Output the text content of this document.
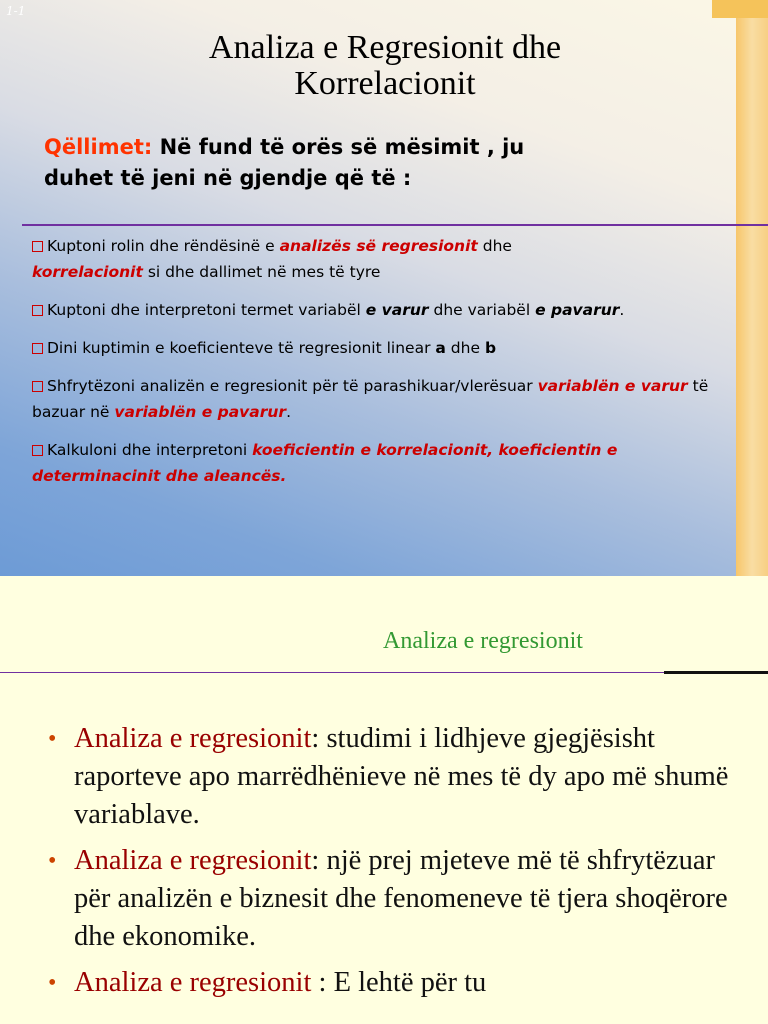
1-1
Analiza e Regresionit dhe
Korrelacionit
Qëllimet: Në fund të orës së mësimit , ju
duhet të jeni në gjendje që të :

Kuptoni rolin dhe rëndësinë e analizës së regresionit dhe
korrelacionit si dhe dallimet në mes të tyre

Kuptoni dhe interpretoni termet variabël e varur dhe variabël e pavarur.

Dini kuptimin e koeficienteve të regresionit linear a dhe b

Shfrytëzoni analizën e regresionit për të parashikuar/vlerësuar variablën e varur të bazuar në variablën e pavarur.

Kalkuloni dhe interpretoni koeficientin e korrelacionit, koeficientin e determinacinit dhe aleancës.

Analiza e regresionit
• Analiza e regresionit: studimi i lidhjeve gjegjësisht raporteve apo marrëdhënieve në mes të dy apo më shumë variablave.
• Analiza e regresionit: një prej mjeteve më të shfrytëzuar për analizën e biznesit dhe fenomeneve të tjera shoqërore dhe ekonomike.
• Analiza e regresionit : E lehtë për tu
